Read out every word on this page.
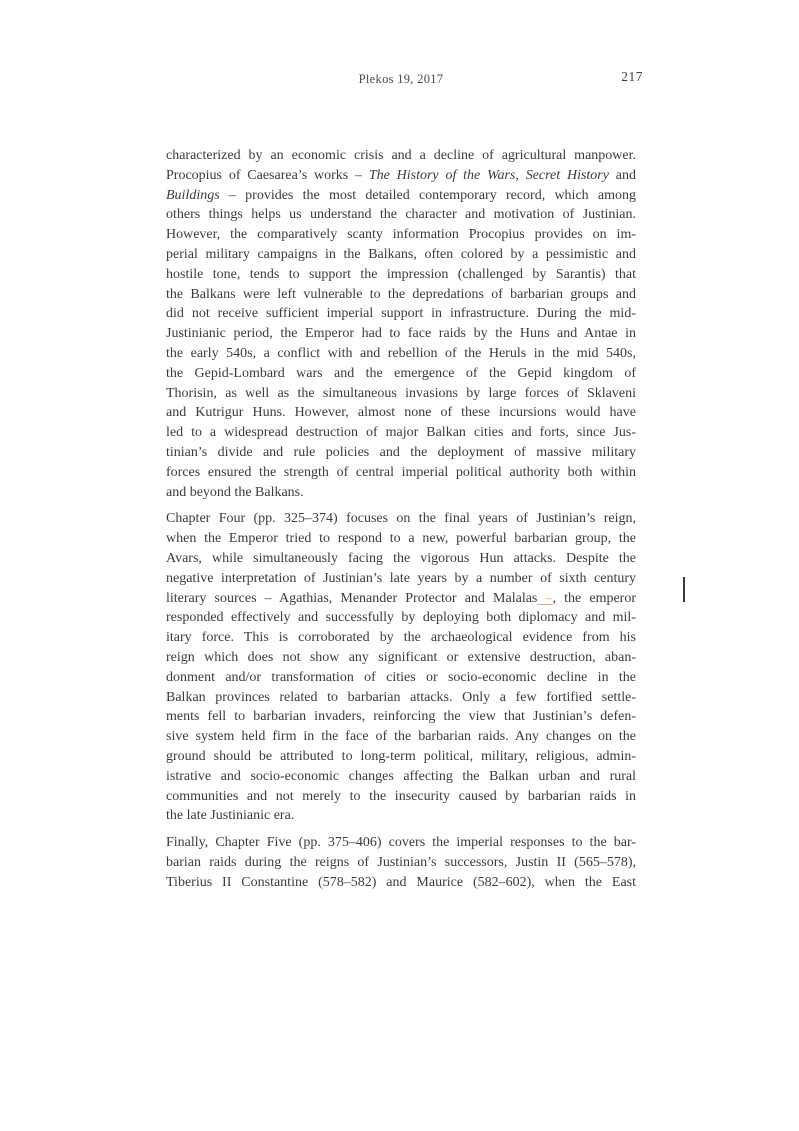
Plekos 19, 2017	217
characterized by an economic crisis and a decline of agricultural manpower.
Procopius of Caesarea’s works – The History of the Wars, Secret History and
Buildings – provides the most detailed contemporary record, which among
others things helps us understand the character and motivation of Justinian.
However, the comparatively scanty information Procopius provides on im-
perial military campaigns in the Balkans, often colored by a pessimistic and
hostile tone, tends to support the impression (challenged by Sarantis) that
the Balkans were left vulnerable to the depredations of barbarian groups and
did not receive sufficient imperial support in infrastructure. During the mid-
Justinianic period, the Emperor had to face raids by the Huns and Antae in
the early 540s, a conflict with and rebellion of the Heruls in the mid 540s,
the Gepid-Lombard wars and the emergence of the Gepid kingdom of
Thorisin, as well as the simultaneous invasions by large forces of Sklaveni
and Kutrigur Huns. However, almost none of these incursions would have
led to a widespread destruction of major Balkan cities and forts, since Jus-
tinian’s divide and rule policies and the deployment of massive military
forces ensured the strength of central imperial political authority both within
and beyond the Balkans.
Chapter Four (pp. 325–374) focuses on the final years of Justinian’s reign,
when the Emperor tried to respond to a new, powerful barbarian group, the
Avars, while simultaneously facing the vigorous Hun attacks. Despite the
negative interpretation of Justinian’s late years by a number of sixth century
literary sources – Agathias, Menander Protector and Malalas –, the emperor
responded effectively and successfully by deploying both diplomacy and mil-
itary force. This is corroborated by the archaeological evidence from his
reign which does not show any significant or extensive destruction, aban-
donment and/or transformation of cities or socio-economic decline in the
Balkan provinces related to barbarian attacks. Only a few fortified settle-
ments fell to barbarian invaders, reinforcing the view that Justinian’s defen-
sive system held firm in the face of the barbarian raids. Any changes on the
ground should be attributed to long-term political, military, religious, admin-
istrative and socio-economic changes affecting the Balkan urban and rural
communities and not merely to the insecurity caused by barbarian raids in
the late Justinianic era.
Finally, Chapter Five (pp. 375–406) covers the imperial responses to the bar-
barian raids during the reigns of Justinian’s successors, Justin II (565–578),
Tiberius II Constantine (578–582) and Maurice (582–602), when the East
